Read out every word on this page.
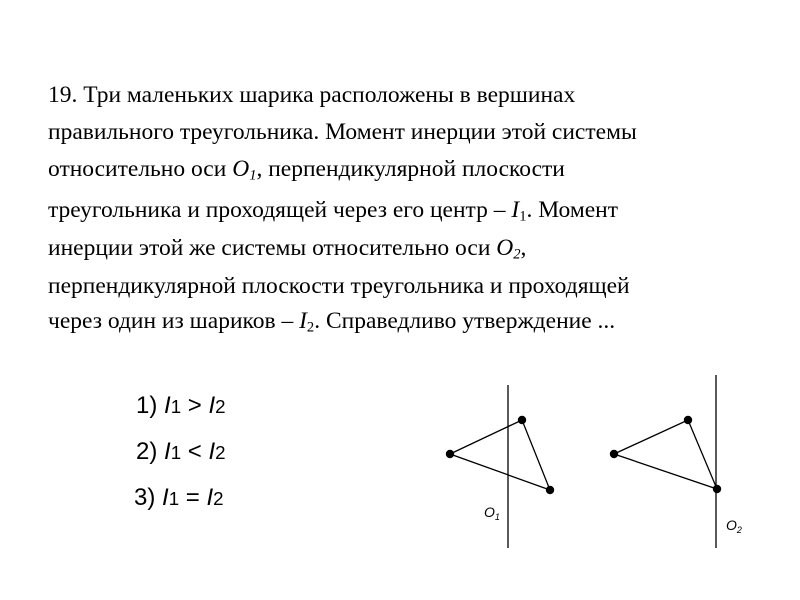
19. Три маленьких шарика расположены в вершинах
правильного треугольника. Момент инерции этой системы
относительно оси $O_1$, перпендикулярной плоскости
треугольника и проходящей через его центр – $I_1$. Момент
инерции этой же системы относительно оси $O_2$,
перпендикулярной плоскости треугольника и проходящей
через один из шариков – $I_2$. Справедливо утверждение ...
1) I1 > I2
2) I1 < I2
3) I1 = I2
$O_1$	$O_2$
